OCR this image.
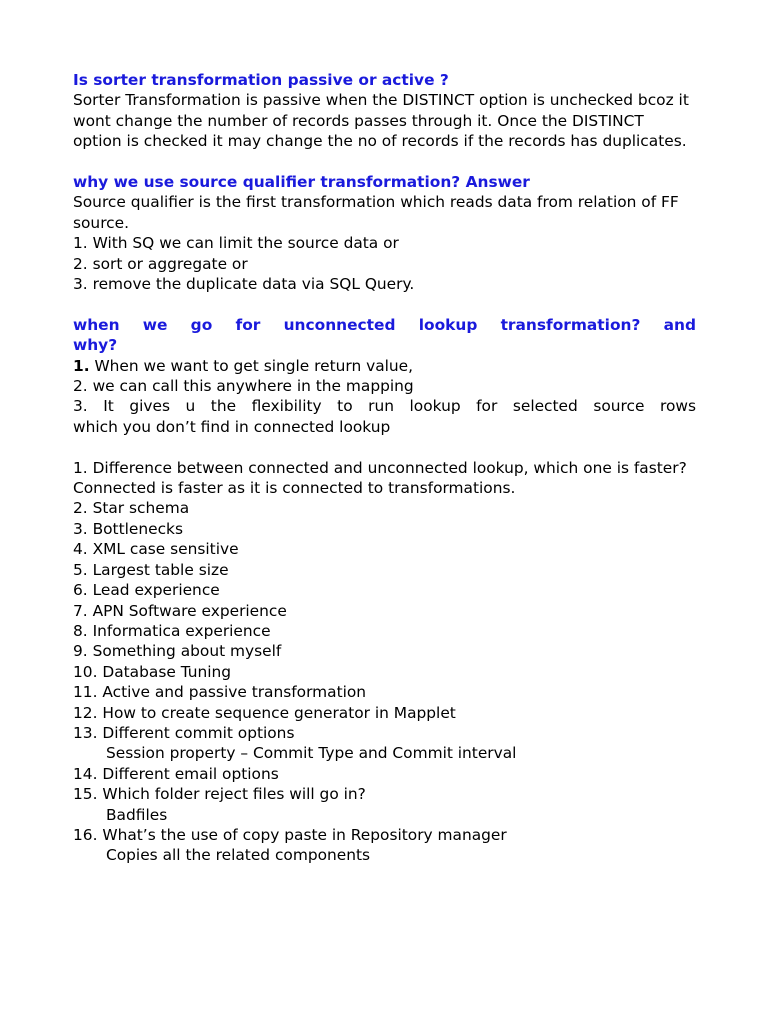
Is sorter transformation passive or active ?

Sorter Transformation is passive when the DISTINCT option is unchecked bcoz it wont change the number of records passes through it. Once the DISTINCT option is checked it may change the no of records if the records has duplicates.

why we use source qualifier transformation? Answer

Source qualifier is the first transformation which reads data from relation of FF source.

1. With SQ we can limit the source data or

2. sort or aggregate or

3. remove the duplicate data via SQL Query.

when we go for unconnected lookup transformation? and

why?

1. When we want to get single return value,

2. we can call this anywhere in the mapping

3. It gives u the flexibility to run lookup for selected source rows

which you don’t find in connected lookup

1. Difference between connected and unconnected lookup, which one is faster?

Connected is faster as it is connected to transformations.

2. Star schema

3. Bottlenecks

4. XML case sensitive

5. Largest table size

6. Lead experience

7. APN Software experience

8. Informatica experience

9. Something about myself

10. Database Tuning

11. Active and passive transformation

12. How to create sequence generator in Mapplet

13. Different commit options

Session property – Commit Type and Commit interval

14. Different email options

15. Which folder reject files will go in?

Badfiles

16. What’s the use of copy paste in Repository manager

Copies all the related components
